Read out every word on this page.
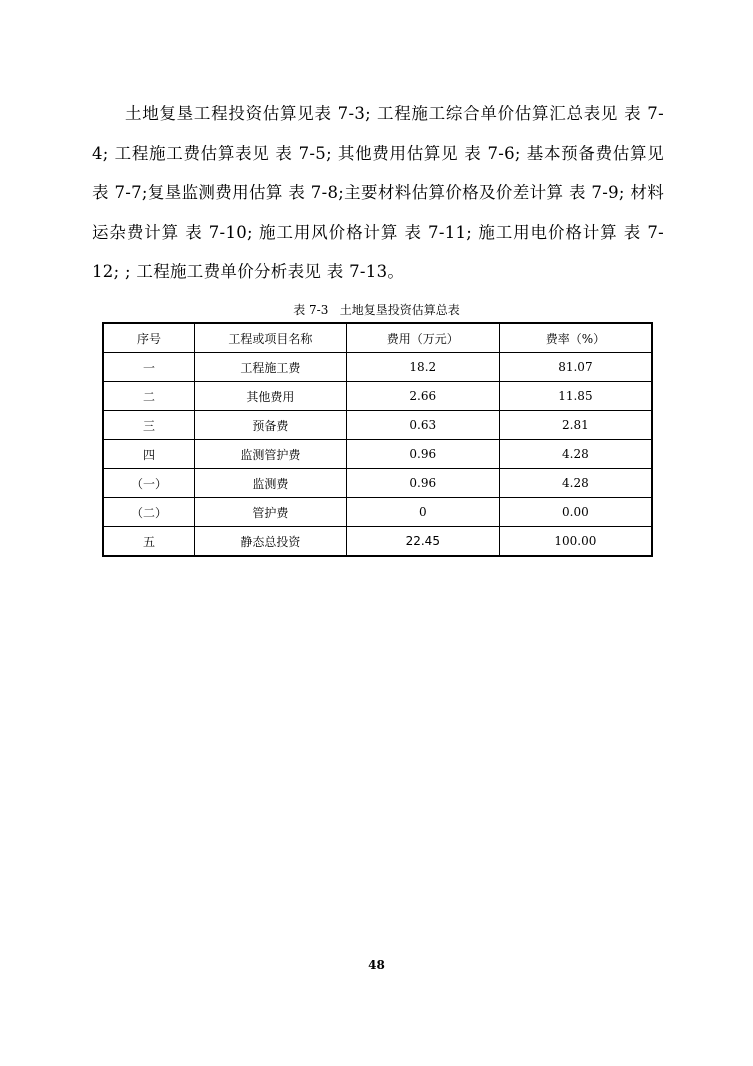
土地复垦工程投资估算见表 7-3; 工程施工综合单价估算汇总表见 表 7-4; 工程施工费估算表见 表 7-5; 其他费用估算见 表 7-6; 基本预备费估算见表 7-7;复垦监测费用估算 表 7-8;主要材料估算价格及价差计算 表 7-9; 材料运杂费计算 表 7-10; 施工用风价格计算 表 7-11; 施工用电价格计算 表 7-12; ; 工程施工费单价分析表见 表 7-13。
表 7-3   土地复垦投资估算总表
序号	工程或项目名称	费用（万元）	费率（%）
一	工程施工费	18.2	81.07
二	其他费用	2.66	11.85
三	预备费	0.63	2.81
四	监测管护费	0.96	4.28
（一）	监测费	0.96	4.28
（二）	管护费	0	0.00
五	静态总投资	22.45	100.00
48
